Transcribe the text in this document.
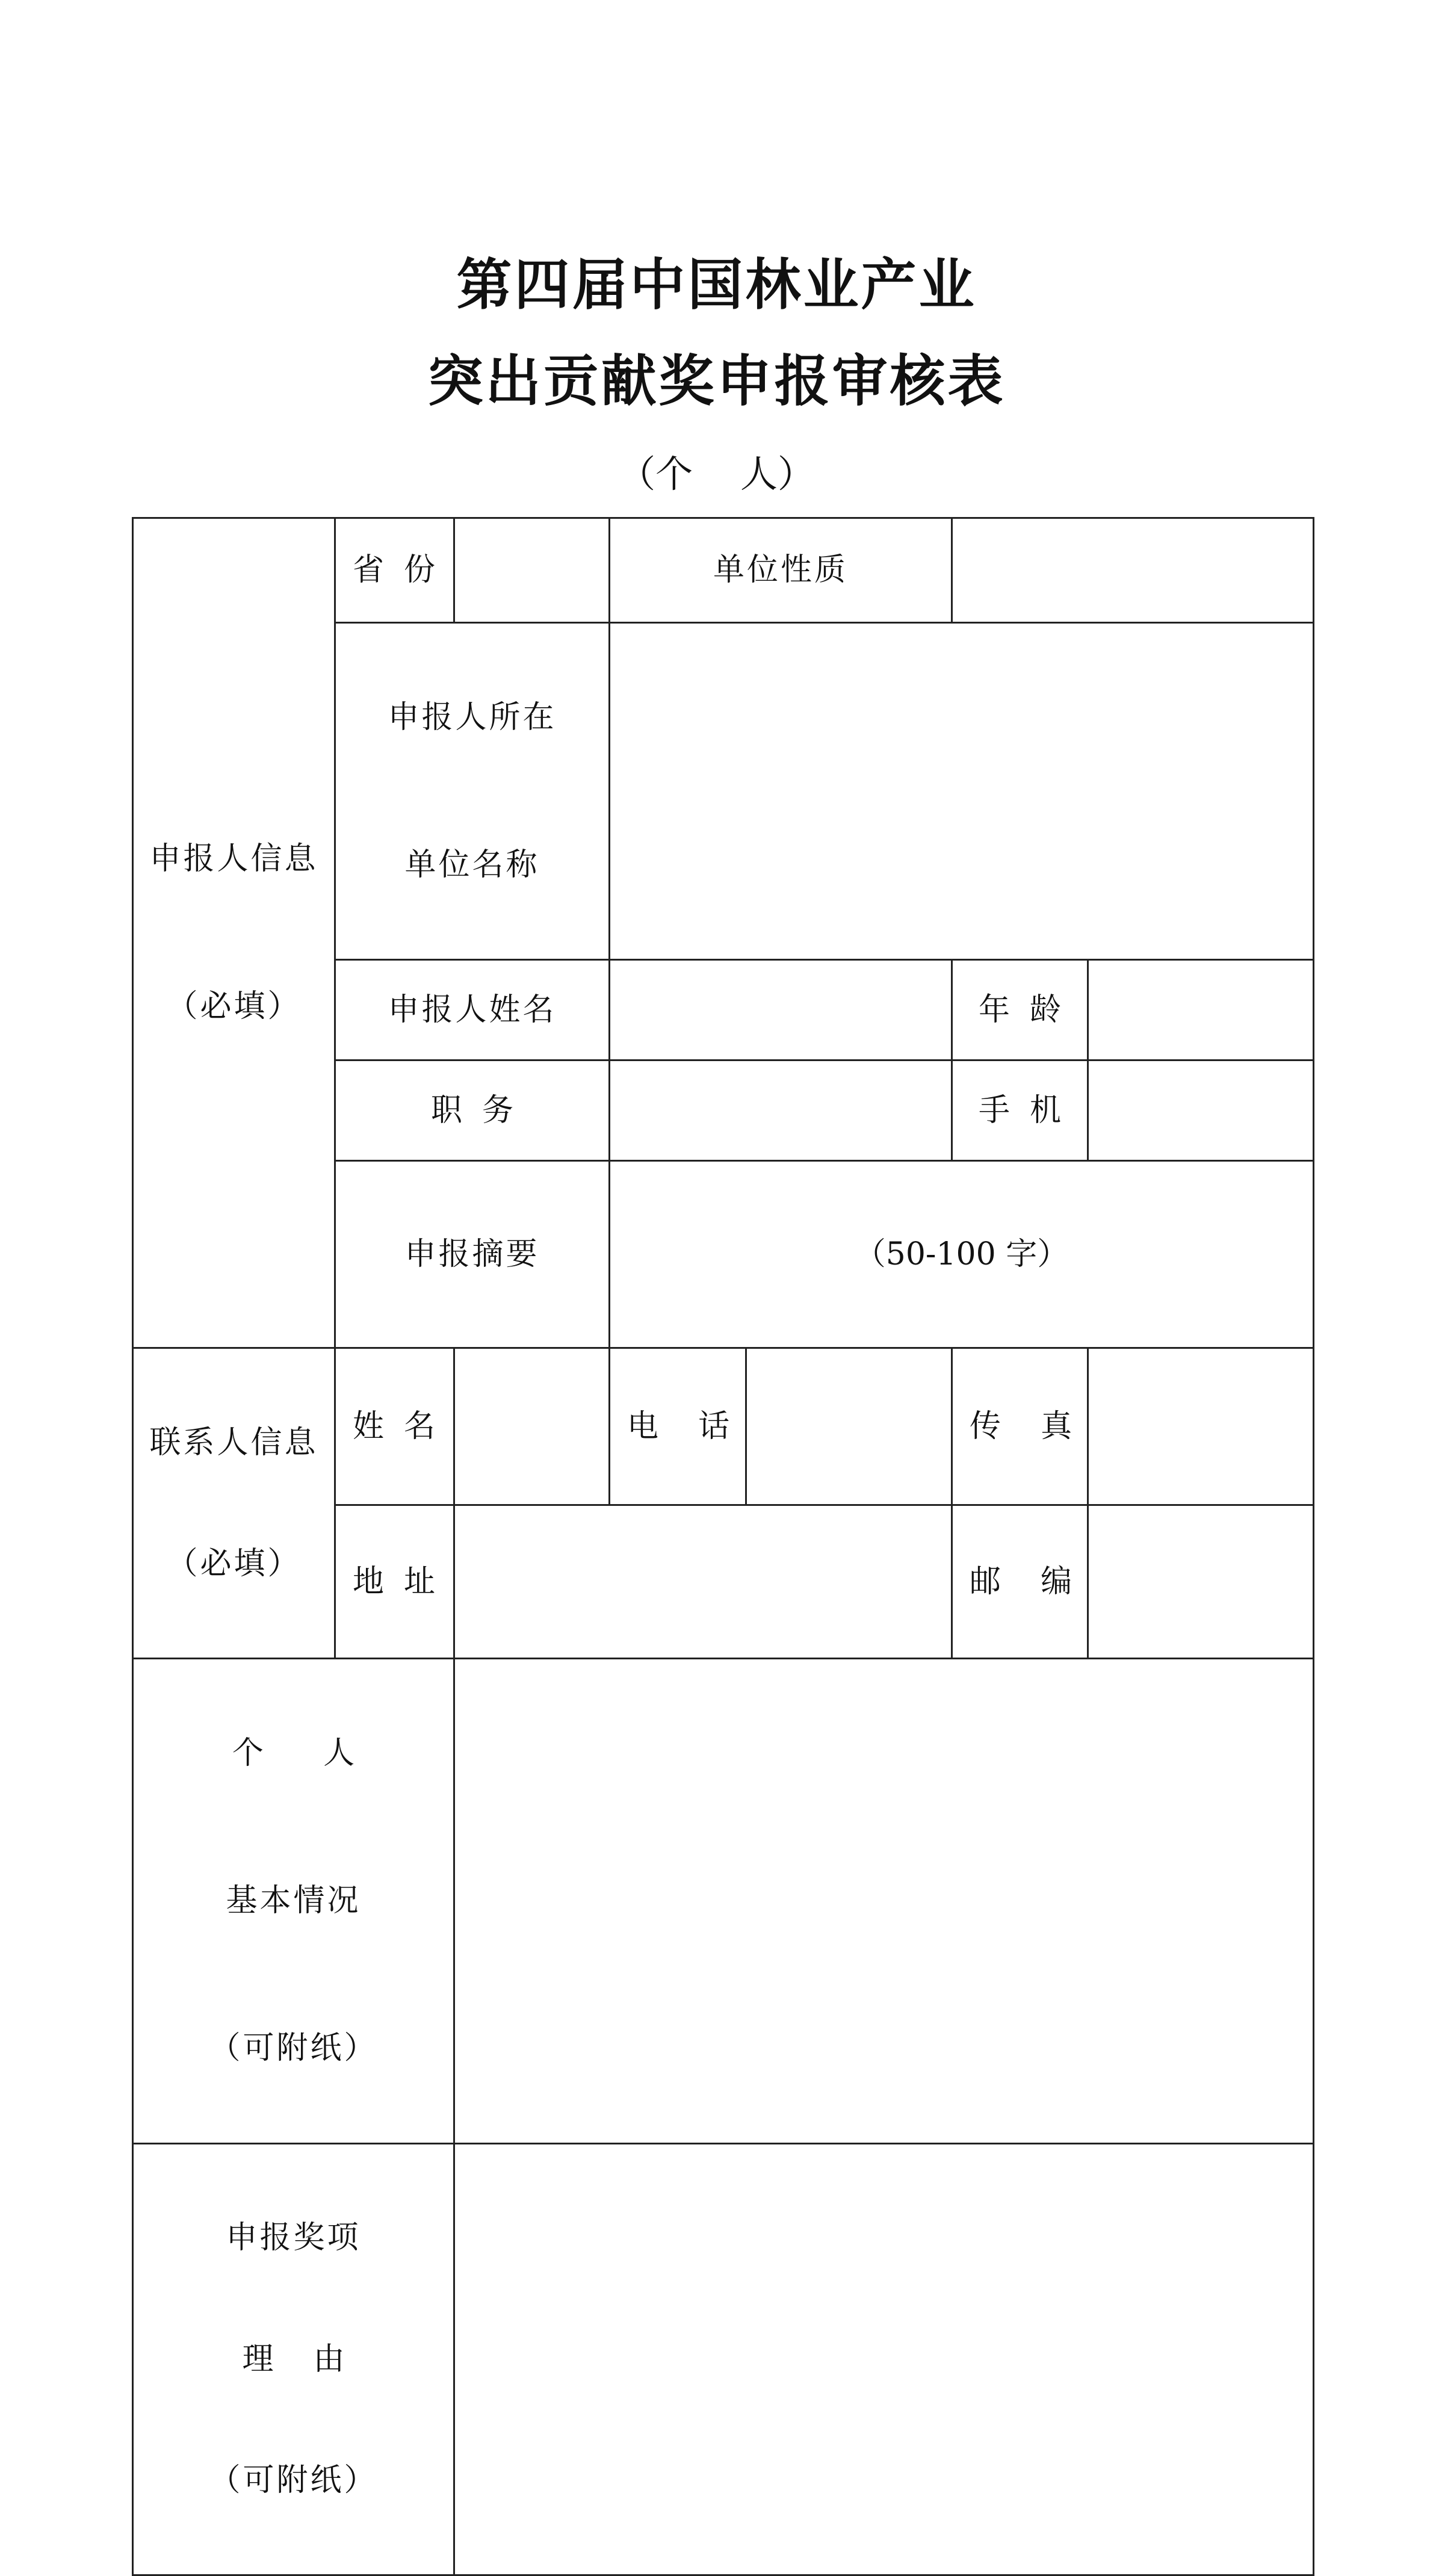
第四届中国林业产业
突出贡献奖申报审核表
（个    人）

申报人信息

（必填）	省  份		单位性质			

	申报人所在

单位名称					

	申报人姓名				年  龄	
	职  务				手  机	
	申报摘要		（50-100 字）			

联系人信息

（必填）	姓  名		电    话		传    真	
	地  址				邮    编	

个      人

基本情况

（可附纸）						

申报奖项

理    由

（可附纸）						
